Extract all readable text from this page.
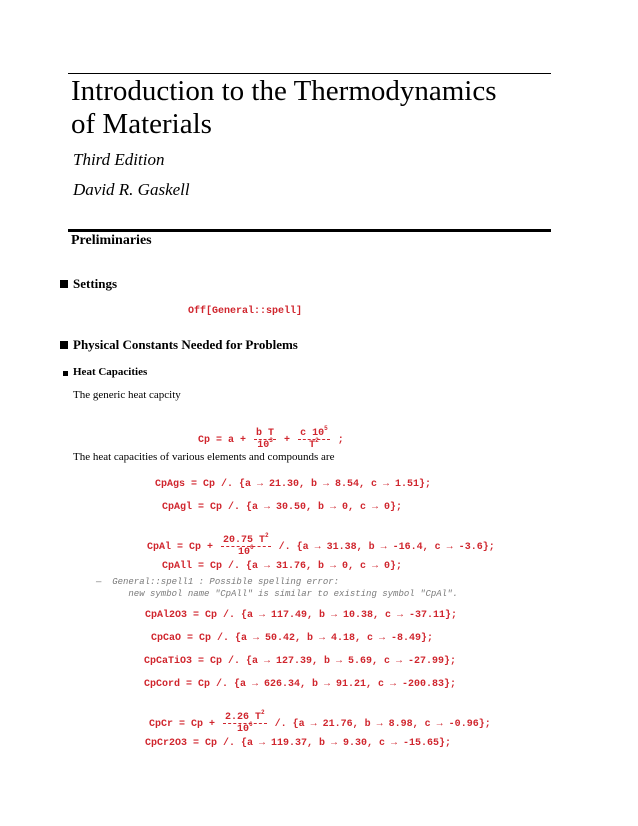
Introduction to the Thermodynamics
of Materials
Third Edition
David R. Gaskell
Preliminaries
Settings
Off[General::spell]
Physical Constants Needed for Problems
Heat Capacities
The generic heat capcity

$Cp = a + \frac{\text{b T}}{10^3} + \frac{c 10^5}{T^2}$ ;

The heat capacities of various elements and compounds are
CpAgs = Cp /. {a → 21.30, b → 8.54, c → 1.51};
CpAgl = Cp /. {a → 30.50, b → 0, c → 0};

CpAl = $Cp + \frac{20.75 T^2}{10^6}$ /. {a → 31.38, b → -16.4, c → -3.6};

CpAll = Cp /. {a → 31.76, b → 0, c → 0};
—  General::spell1 : Possible spelling error:
new symbol name "CpAll" is similar to existing symbol "CpAl".
CpAl2O3 = Cp /. {a → 117.49, b → 10.38, c → -37.11};
CpCaO = Cp /. {a → 50.42, b → 4.18, c → -8.49};
CpCaTiO3 = Cp /. {a → 127.39, b → 5.69, c → -27.99};
CpCord = Cp /. {a → 626.34, b → 91.21, c → -200.83};

CpCr = $Cp + \frac{2.26 T^2}{10^6}$ /. {a → 21.76, b → 8.98, c → -0.96};

CpCr2O3 = Cp /. {a → 119.37, b → 9.30, c → -15.65};
